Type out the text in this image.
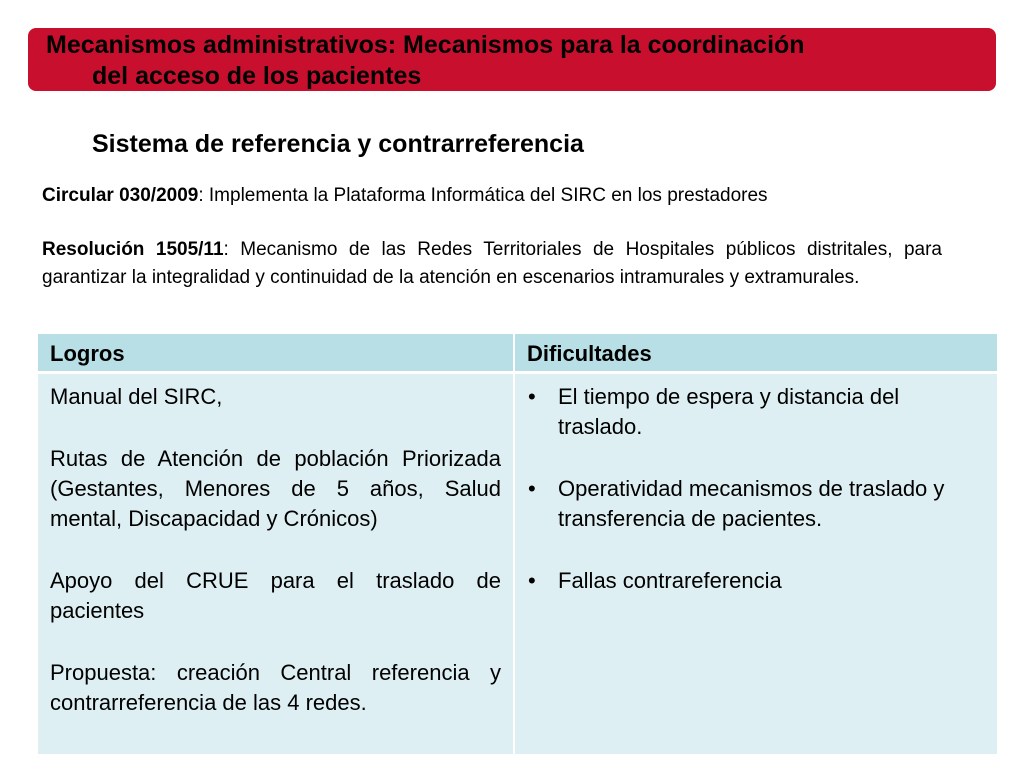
Mecanismos administrativos: Mecanismos para la coordinación
del acceso de los pacientes
Sistema de referencia y contrarreferencia
Circular 030/2009: Implementa la Plataforma Informática del SIRC en los prestadores
Resolución 1505/11: Mecanismo de las Redes Territoriales de Hospitales públicos distritales, para garantizar la integralidad y continuidad de la atención en escenarios intramurales y extramurales.
Logros	Dificultades

Manual del SIRC,

Rutas de Atención de población Priorizada (Gestantes, Menores de 5 años, Salud mental, Discapacidad y Crónicos)

Apoyo del CRUE para el traslado de pacientes

Propuesta: creación Central referencia y contrarreferencia de las 4 redes.

• El tiempo de espera y distancia del traslado.
• Operatividad mecanismos de traslado y transferencia de pacientes.
• Fallas contrareferencia
